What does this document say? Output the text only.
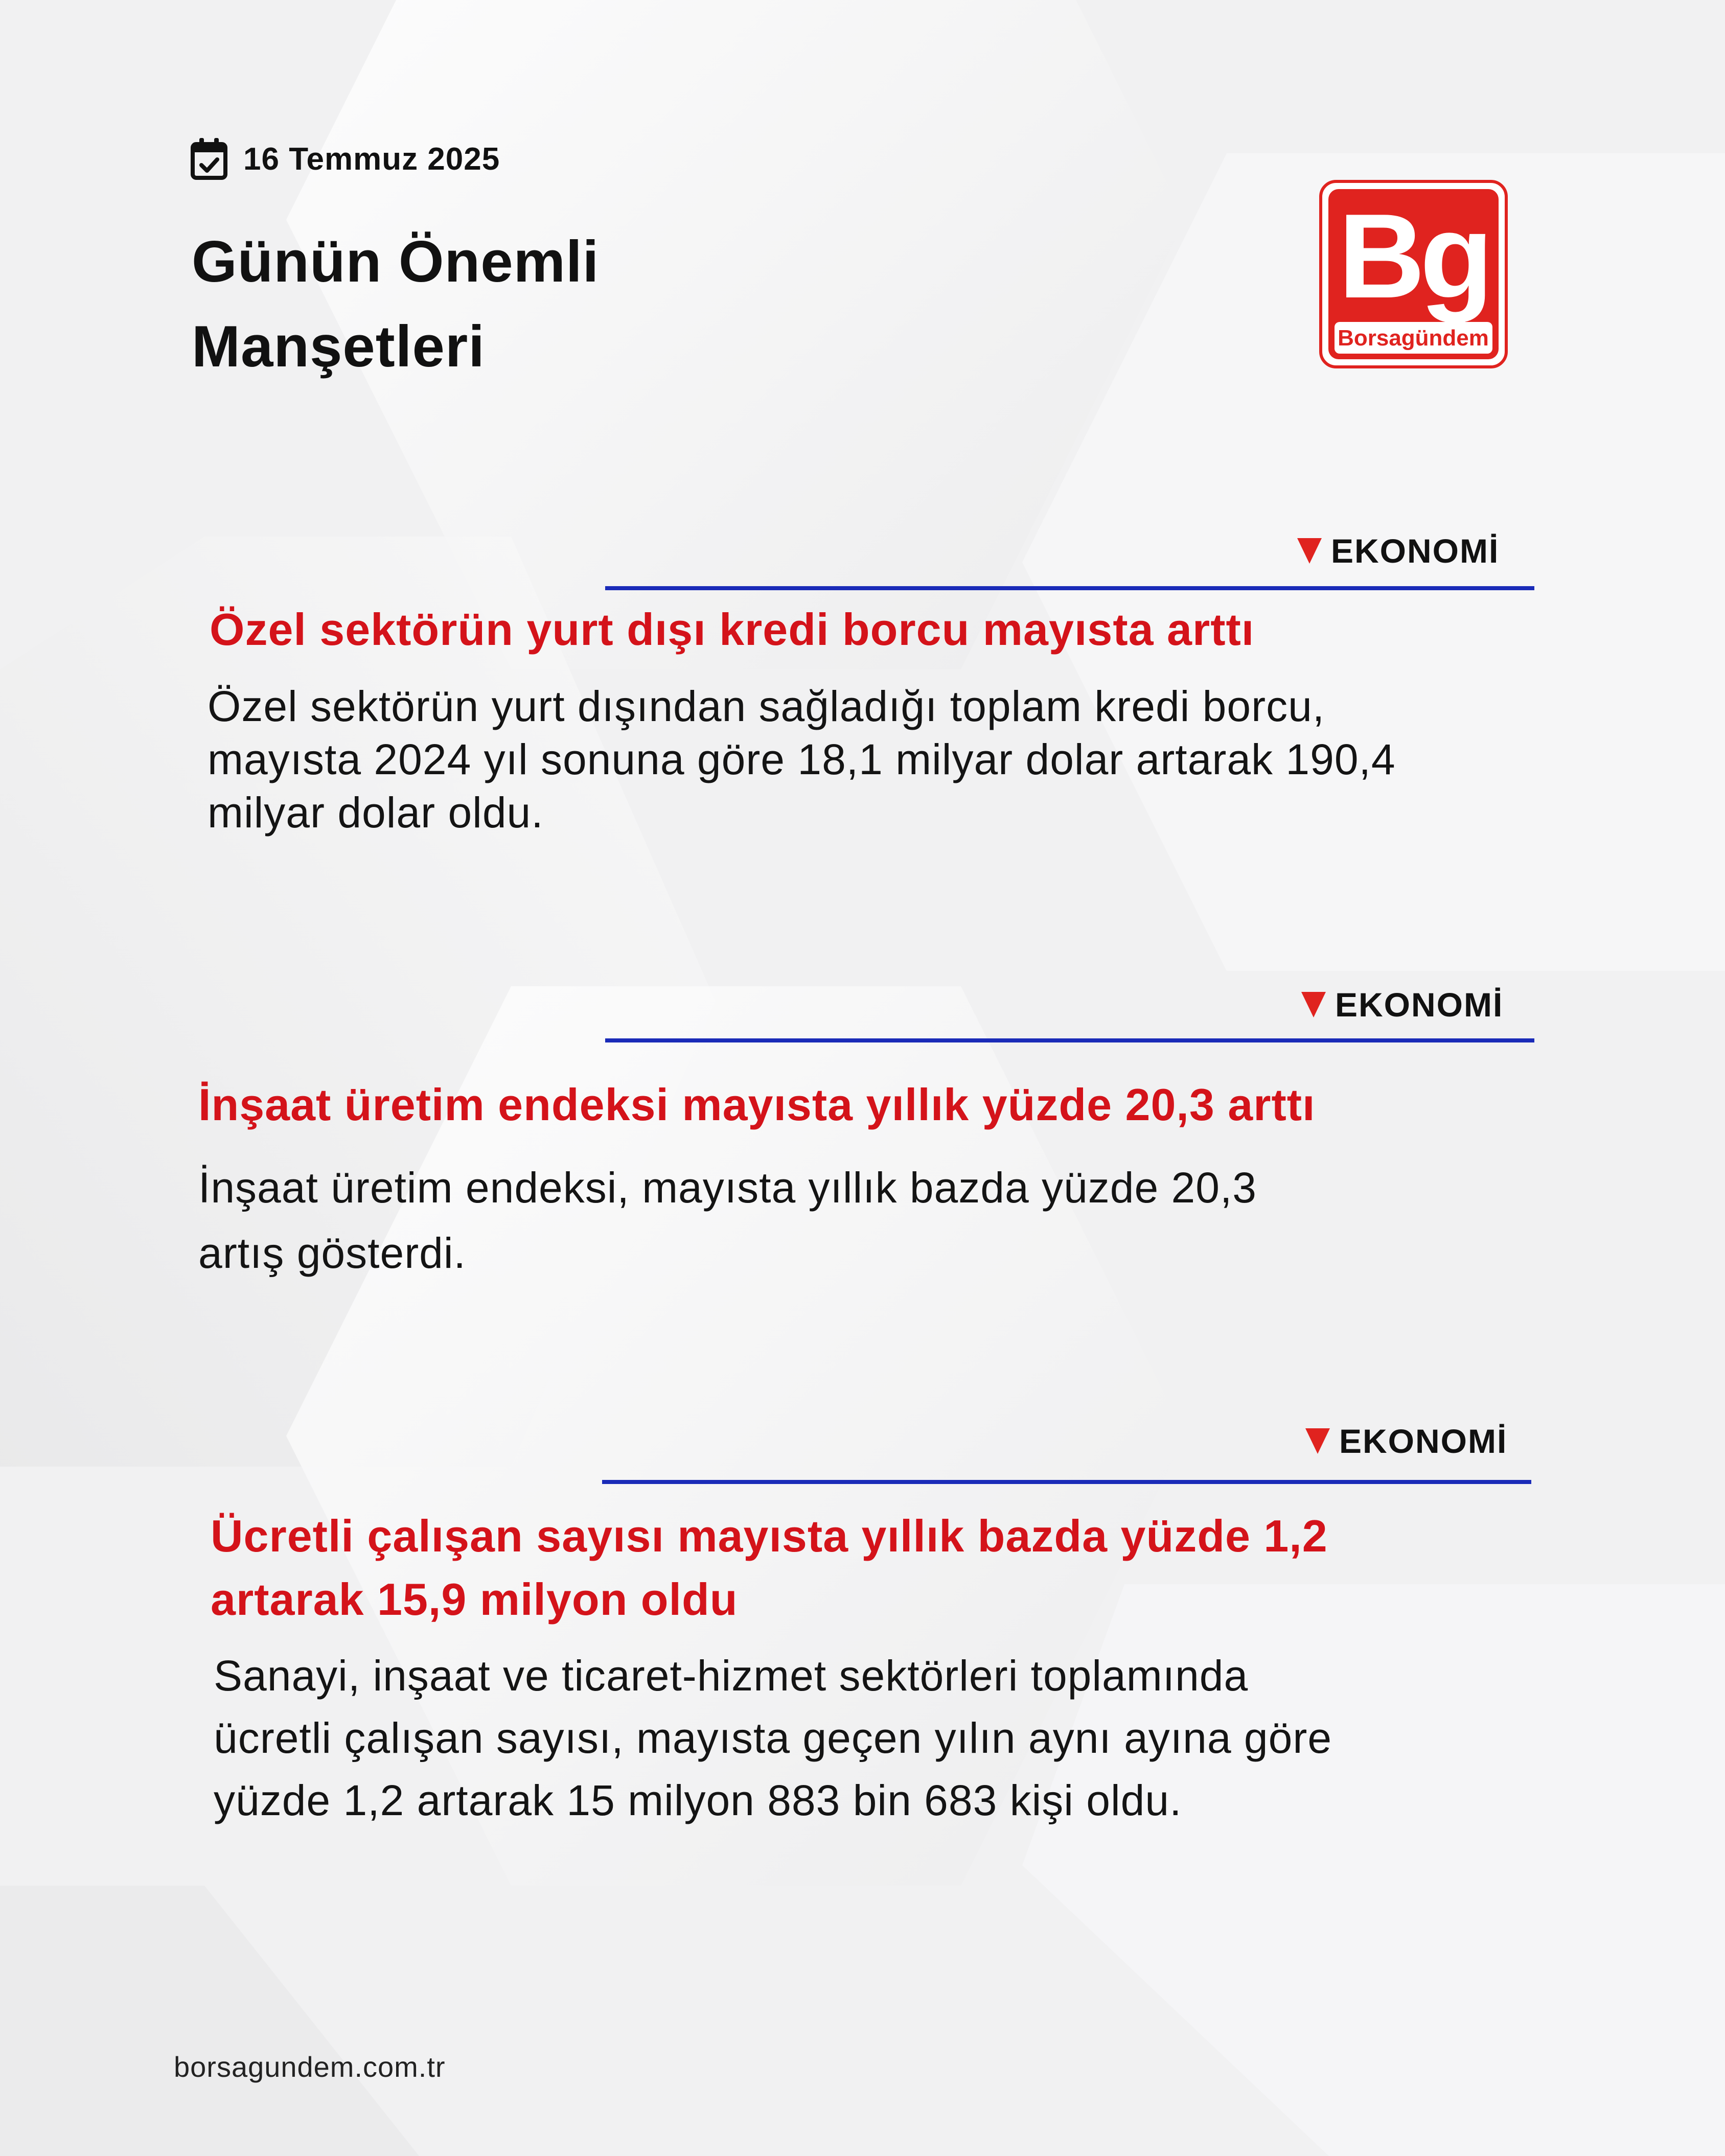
16 Temmuz 2025
Günün Önemli
Manşetleri
Bg
Borsagündem
EKONOMİ
Özel sektörün yurt dışı kredi borcu mayısta arttı
Özel sektörün yurt dışından sağladığı toplam kredi borcu,
mayısta 2024 yıl sonuna göre 18,1 milyar dolar artarak 190,4
milyar dolar oldu.
EKONOMİ
İnşaat üretim endeksi mayısta yıllık yüzde 20,3 arttı
İnşaat üretim endeksi, mayısta yıllık bazda yüzde 20,3
artış gösterdi.
EKONOMİ
Ücretli çalışan sayısı mayısta yıllık bazda yüzde 1,2
artarak 15,9 milyon oldu
Sanayi, inşaat ve ticaret-hizmet sektörleri toplamında
ücretli çalışan sayısı, mayısta geçen yılın aynı ayına göre
yüzde 1,2 artarak 15 milyon 883 bin 683 kişi oldu.
borsagundem.com.tr
